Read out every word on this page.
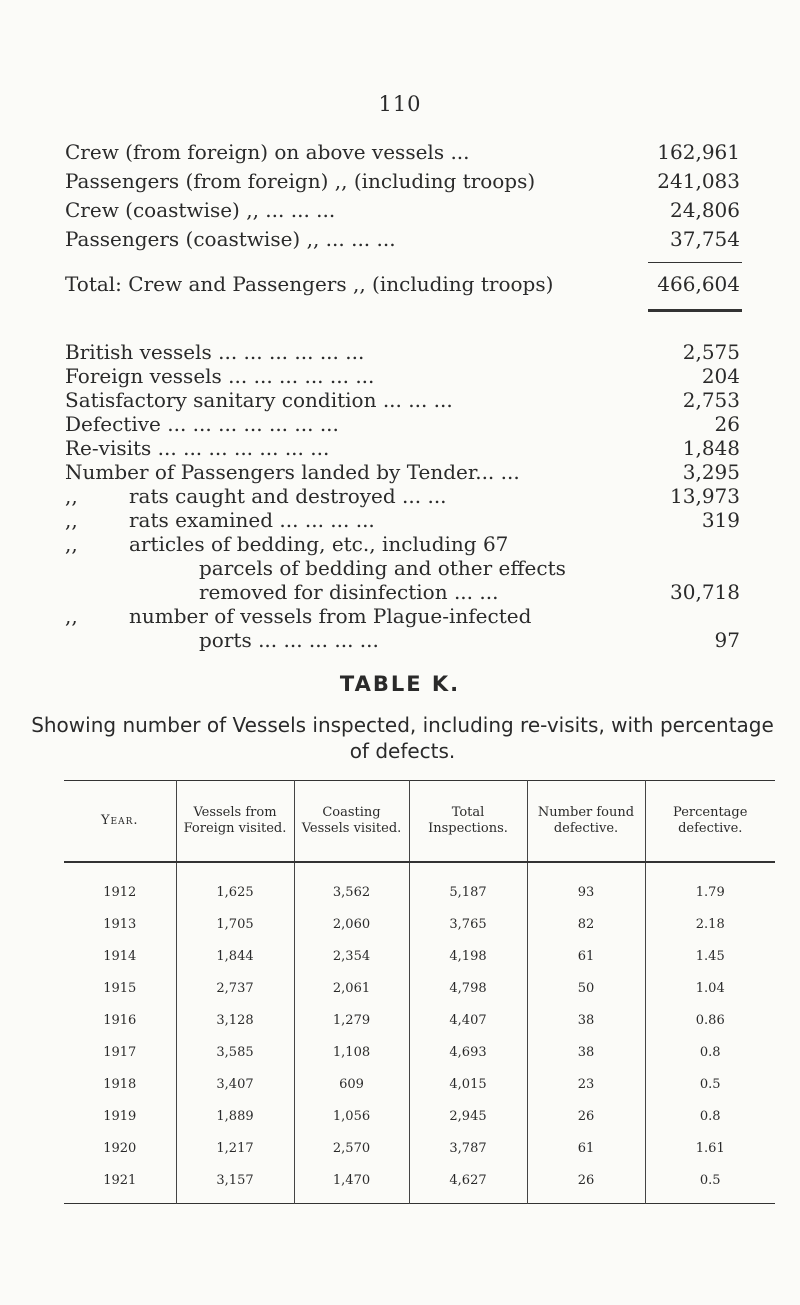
110
Crew (from foreign) on above vessels ...	162,961
Passengers (from foreign) ,, (including troops)	241,083
Crew (coastwise) ,, ... ... ...	24,806
Passengers (coastwise) ,, ... ... ...	37,754
Total: Crew and Passengers ,, (including troops)	466,604
British vessels ... ... ... ... ... ...	2,575
Foreign vessels ... ... ... ... ... ...	204
Satisfactory sanitary condition ... ... ...	2,753
Defective ... ... ... ... ... ... ...	26
Re-visits ... ... ... ... ... ... ...	1,848
Number of Passengers landed by Tender... ...	3,295
,,	rats caught and destroyed ... ...	13,973
,,	rats examined ... ... ... ...	319
,,	articles of bedding, etc., including 67
parcels of bedding and other effects
removed for disinfection ... ...	30,718
,,	number of vessels from Plague-infected
ports ... ... ... ... ...	97
TABLE K.
Showing number of Vessels inspected, including re-visits, with percentage of defects.
Year.	Vessels from Foreign visited.	Coasting Vessels visited.	Total Inspections.	Number found defective.	Percentage defective.
1912	1,625	3,562	5,187	93	1.79
1913	1,705	2,060	3,765	82	2.18
1914	1,844	2,354	4,198	61	1.45
1915	2,737	2,061	4,798	50	1.04
1916	3,128	1,279	4,407	38	0.86
1917	3,585	1,108	4,693	38	0.8
1918	3,407	609	4,015	23	0.5
1919	1,889	1,056	2,945	26	0.8
1920	1,217	2,570	3,787	61	1.61
1921	3,157	1,470	4,627	26	0.5
